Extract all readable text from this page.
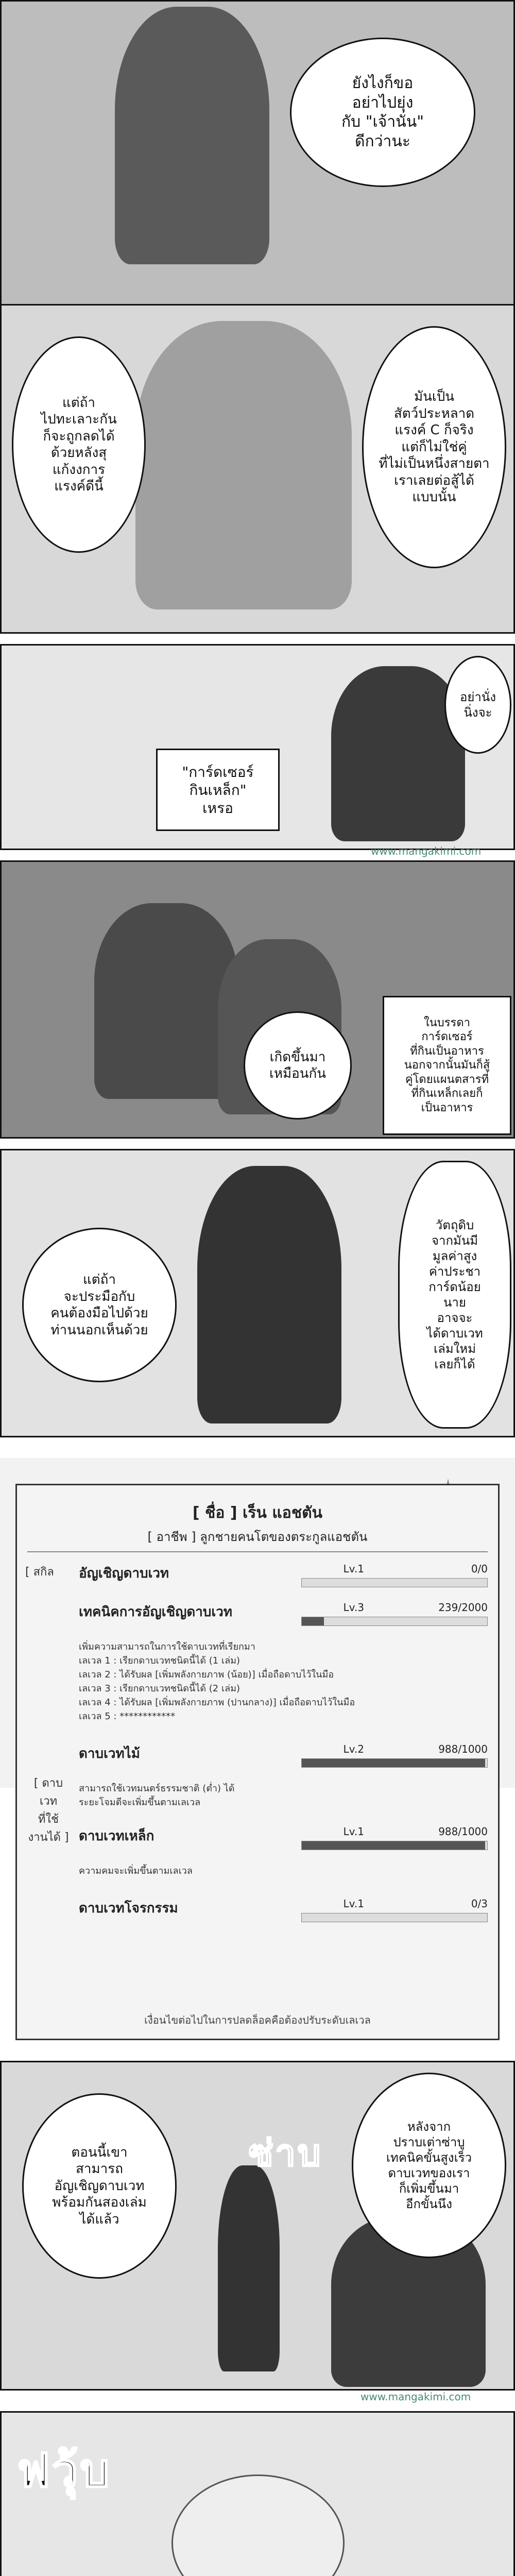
ยังไงก็ขอ
อย่าไปยุ่ง
กับ "เจ้านั่น"
ดีกว่านะ
แต่ถ้า
ไปทะเลาะกัน
ก็จะถูกลดได้
ด้วยหลังสุ
แก้งงการ
แรงค์ดีนี้
มันเป็น
สัตว์ประหลาด
แรงค์ C ก็จริง
แต่ก็ไม่ใช่คู่
ที่ไม่เป็นหนึ่งสายตา
เราเลยต่อสู้ได้
แบบนั้น
"การ์ดเซอร์
กินเหล็ก"
เหรอ
อย่านั่ง
นิ่งจะ
www.mangakimi.com
เกิดขึ้นมา
เหมือนกัน
ในบรรดา
การ์ดเซอร์
ที่กินเป็นอาหาร
นอกจากนั้นมันก็สู้
คู่โดยแผนตสารที่
ที่กินเหล็กเลยก็
เป็นอาหาร
แต่ถ้า
จะประมือกับ
คนต้องมือไปด้วย
ท่านนอกเห็นด้วย
วัตถุดิบ
จากมันมี
มูลค่าสูง
ค่าประชา
การ์ดน้อย
นาย
อาจจะ
ได้ดาบเวท
เล่มใหม่
เลยก็ได้
[ ชื่อ ] เร็น แอชตัน
[ อาชีพ ] ลูกชายคนโตของตระกูลแอชตัน
[ สกิล อัญเชิญดาบเวท	Lv.1	0/0
เทคนิคการอัญเชิญดาบเวท	Lv.3	239/2000
เพิ่มความสามารถในการใช้ดาบเวทที่เรียกมา
เลเวล 1 : เรียกดาบเวทชนิดนี้ได้ (1 เล่ม)
เลเวล 2 : ได้รับผล [เพิ่มพลังกายภาพ (น้อย)] เมื่อถือดาบไว้ในมือ
เลเวล 3 : เรียกดาบเวทชนิดนี้ได้ (2 เล่ม)
เลเวล 4 : ได้รับผล [เพิ่มพลังกายภาพ (ปานกลาง)] เมื่อถือดาบไว้ในมือ
เลเวล 5 : ************
[ ดาบเวท
ที่ใช้
งานได้ ]
ดาบเวทไม้	Lv.2	988/1000
สามารถใช้เวทมนตร์ธรรมชาติ (ต่ำ) ได้
ระยะโจมตีจะเพิ่มขึ้นตามเลเวล
ดาบเวทเหล็ก	Lv.1	988/1000
ความคมจะเพิ่มขึ้นตามเลเวล
ดาบเวทโจรกรรม	Lv.1	0/3
เงื่อนไขต่อไปในการปลดล็อคคือต้องปรับระดับเลเวล
ตอนนี้เขา
สามารถ
อัญเชิญดาบเวท
พร้อมกันสองเล่ม
ได้แล้ว
หลังจาก
ปราบเต่าซ่าบู
เทคนิคขั้นสูงเร็ว
ดาบเวทของเรา
ก็เพิ่มขึ้นมา
อีกขั้นนึง
ซ่าบ
www.mangakimi.com
ฟวุ้บ
